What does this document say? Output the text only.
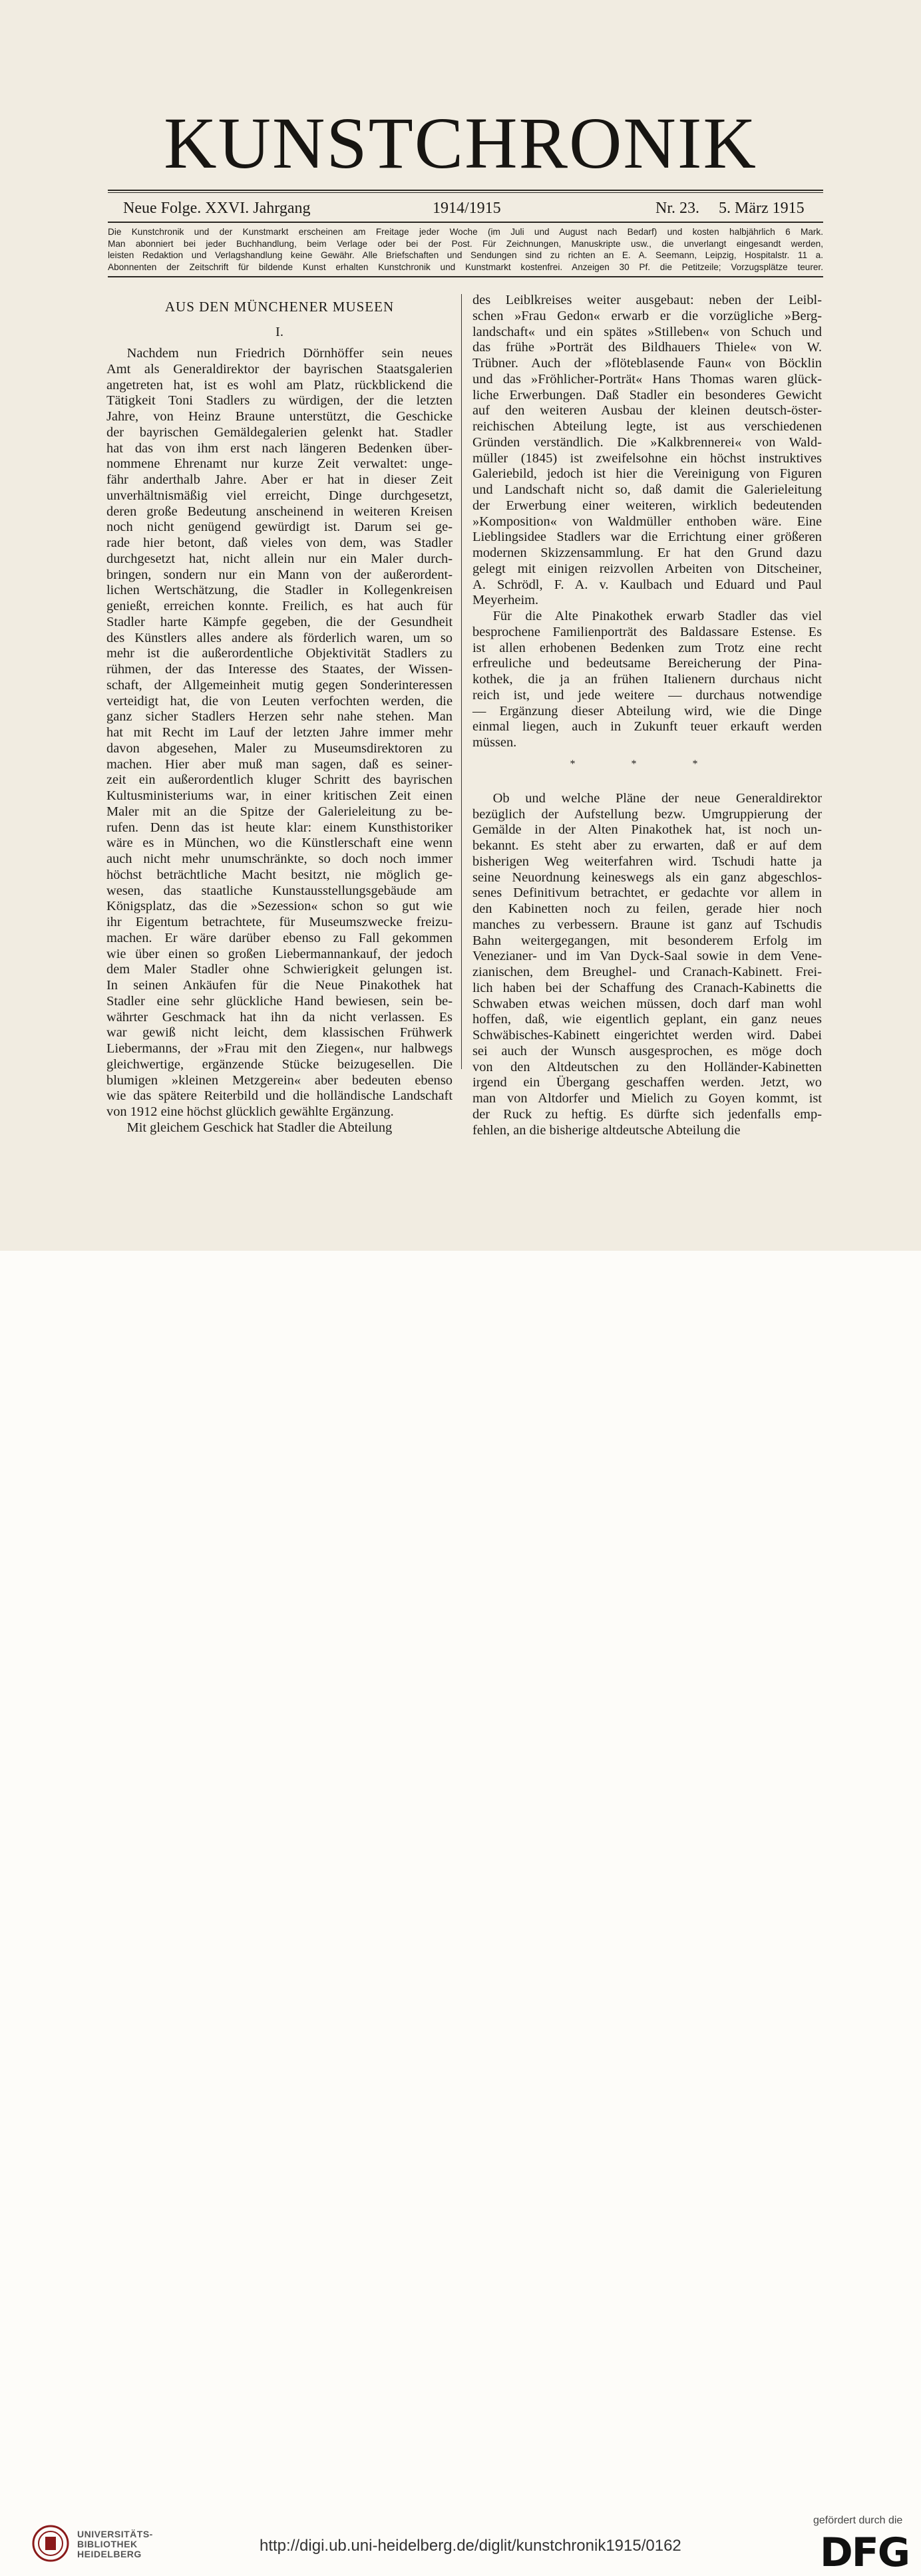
KUNSTCHRONIK
Neue Folge. XXVI. Jahrgang	1914/1915	Nr. 23. 5. März 1915
Die Kunstchronik und der Kunstmarkt erscheinen am Freitage jeder Woche (im Juli und August nach Bedarf) und kosten halbjährlich 6 Mark.
Man abonniert bei jeder Buchhandlung, beim Verlage oder bei der Post. Für Zeichnungen, Manuskripte usw., die unverlangt eingesandt werden,
leisten Redaktion und Verlagshandlung keine Gewähr. Alle Briefschaften und Sendungen sind zu richten an E. A. Seemann, Leipzig, Hospitalstr. 11 a.
Abonnenten der Zeitschrift für bildende Kunst erhalten Kunstchronik und Kunstmarkt kostenfrei. Anzeigen 30 Pf. die Petitzeile; Vorzugsplätze teurer.
AUS DEN MÜNCHENER MUSEEN
I.
Nachdem nun Friedrich Dörnhöffer sein neues
Amt als Generaldirektor der bayrischen Staatsgalerien
angetreten hat, ist es wohl am Platz, rückblickend die
Tätigkeit Toni Stadlers zu würdigen, der die letzten
Jahre, von Heinz Braune unterstützt, die Geschicke
der bayrischen Gemäldegalerien gelenkt hat. Stadler
hat das von ihm erst nach längeren Bedenken über-
nommene Ehrenamt nur kurze Zeit verwaltet: unge-
fähr anderthalb Jahre. Aber er hat in dieser Zeit
unverhältnismäßig viel erreicht, Dinge durchgesetzt,
deren große Bedeutung anscheinend in weiteren Kreisen
noch nicht genügend gewürdigt ist. Darum sei ge-
rade hier betont, daß vieles von dem, was Stadler
durchgesetzt hat, nicht allein nur ein Maler durch-
bringen, sondern nur ein Mann von der außerordent-
lichen Wertschätzung, die Stadler in Kollegenkreisen
genießt, erreichen konnte. Freilich, es hat auch für
Stadler harte Kämpfe gegeben, die der Gesundheit
des Künstlers alles andere als förderlich waren, um so
mehr ist die außerordentliche Objektivität Stadlers zu
rühmen, der das Interesse des Staates, der Wissen-
schaft, der Allgemeinheit mutig gegen Sonderinteressen
verteidigt hat, die von Leuten verfochten werden, die
ganz sicher Stadlers Herzen sehr nahe stehen. Man
hat mit Recht im Lauf der letzten Jahre immer mehr
davon abgesehen, Maler zu Museumsdirektoren zu
machen. Hier aber muß man sagen, daß es seiner-
zeit ein außerordentlich kluger Schritt des bayrischen
Kultusministeriums war, in einer kritischen Zeit einen
Maler mit an die Spitze der Galerieleitung zu be-
rufen. Denn das ist heute klar: einem Kunsthistoriker
wäre es in München, wo die Künstlerschaft eine wenn
auch nicht mehr unumschränkte, so doch noch immer
höchst beträchtliche Macht besitzt, nie möglich ge-
wesen, das staatliche Kunstausstellungsgebäude am
Königsplatz, das die »Sezession« schon so gut wie
ihr Eigentum betrachtete, für Museumszwecke freizu-
machen. Er wäre darüber ebenso zu Fall gekommen
wie über einen so großen Liebermannankauf, der jedoch
dem Maler Stadler ohne Schwierigkeit gelungen ist.
In seinen Ankäufen für die Neue Pinakothek hat
Stadler eine sehr glückliche Hand bewiesen, sein be-
währter Geschmack hat ihn da nicht verlassen. Es
war gewiß nicht leicht, dem klassischen Frühwerk
Liebermanns, der »Frau mit den Ziegen«, nur halbwegs
gleichwertige, ergänzende Stücke beizugesellen. Die
blumigen »kleinen Metzgerein« aber bedeuten ebenso
wie das spätere Reiterbild und die holländische Landschaft
von 1912 eine höchst glücklich gewählte Ergänzung.
Mit gleichem Geschick hat Stadler die Abteilung
des Leiblkreises weiter ausgebaut: neben der Leibl-
schen »Frau Gedon« erwarb er die vorzügliche »Berg-
landschaft« und ein spätes »Stilleben« von Schuch und
das frühe »Porträt des Bildhauers Thiele« von W.
Trübner. Auch der »flöteblasende Faun« von Böcklin
und das »Fröhlicher-Porträt« Hans Thomas waren glück-
liche Erwerbungen. Daß Stadler ein besonderes Gewicht
auf den weiteren Ausbau der kleinen deutsch-öster-
reichischen Abteilung legte, ist aus verschiedenen
Gründen verständlich. Die »Kalkbrennerei« von Wald-
müller (1845) ist zweifelsohne ein höchst instruktives
Galeriebild, jedoch ist hier die Vereinigung von Figuren
und Landschaft nicht so, daß damit die Galerieleitung
der Erwerbung einer weiteren, wirklich bedeutenden
»Komposition« von Waldmüller enthoben wäre. Eine
Lieblingsidee Stadlers war die Errichtung einer größeren
modernen Skizzensammlung. Er hat den Grund dazu
gelegt mit einigen reizvollen Arbeiten von Ditscheiner,
A. Schrödl, F. A. v. Kaulbach und Eduard und Paul
Meyerheim.
Für die Alte Pinakothek erwarb Stadler das viel
besprochene Familienporträt des Baldassare Estense. Es
ist allen erhobenen Bedenken zum Trotz eine recht
erfreuliche und bedeutsame Bereicherung der Pina-
kothek, die ja an frühen Italienern durchaus nicht
reich ist, und jede weitere — durchaus notwendige
— Ergänzung dieser Abteilung wird, wie die Dinge
einmal liegen, auch in Zukunft teuer erkauft werden
müssen.
* * *
Ob und welche Pläne der neue Generaldirektor
bezüglich der Aufstellung bezw. Umgruppierung der
Gemälde in der Alten Pinakothek hat, ist noch un-
bekannt. Es steht aber zu erwarten, daß er auf dem
bisherigen Weg weiterfahren wird. Tschudi hatte ja
seine Neuordnung keineswegs als ein ganz abgeschlos-
senes Definitivum betrachtet, er gedachte vor allem in
den Kabinetten noch zu feilen, gerade hier noch
manches zu verbessern. Braune ist ganz auf Tschudis
Bahn weitergegangen, mit besonderem Erfolg im
Venezianer- und im Van Dyck-Saal sowie in dem Vene-
zianischen, dem Breughel- und Cranach-Kabinett. Frei-
lich haben bei der Schaffung des Cranach-Kabinetts die
Schwaben etwas weichen müssen, doch darf man wohl
hoffen, daß, wie eigentlich geplant, ein ganz neues
Schwäbisches-Kabinett eingerichtet werden wird. Dabei
sei auch der Wunsch ausgesprochen, es möge doch
von den Altdeutschen zu den Holländer-Kabinetten
irgend ein Übergang geschaffen werden. Jetzt, wo
man von Altdorfer und Mielich zu Goyen kommt, ist
der Ruck zu heftig. Es dürfte sich jedenfalls emp-
fehlen, an die bisherige altdeutsche Abteilung die
UNIVERSITÄTS-
BIBLIOTHEK
HEIDELBERG	http://digi.ub.uni-heidelberg.de/diglit/kunstchronik1915/0162
gefördert durch die
DFG
